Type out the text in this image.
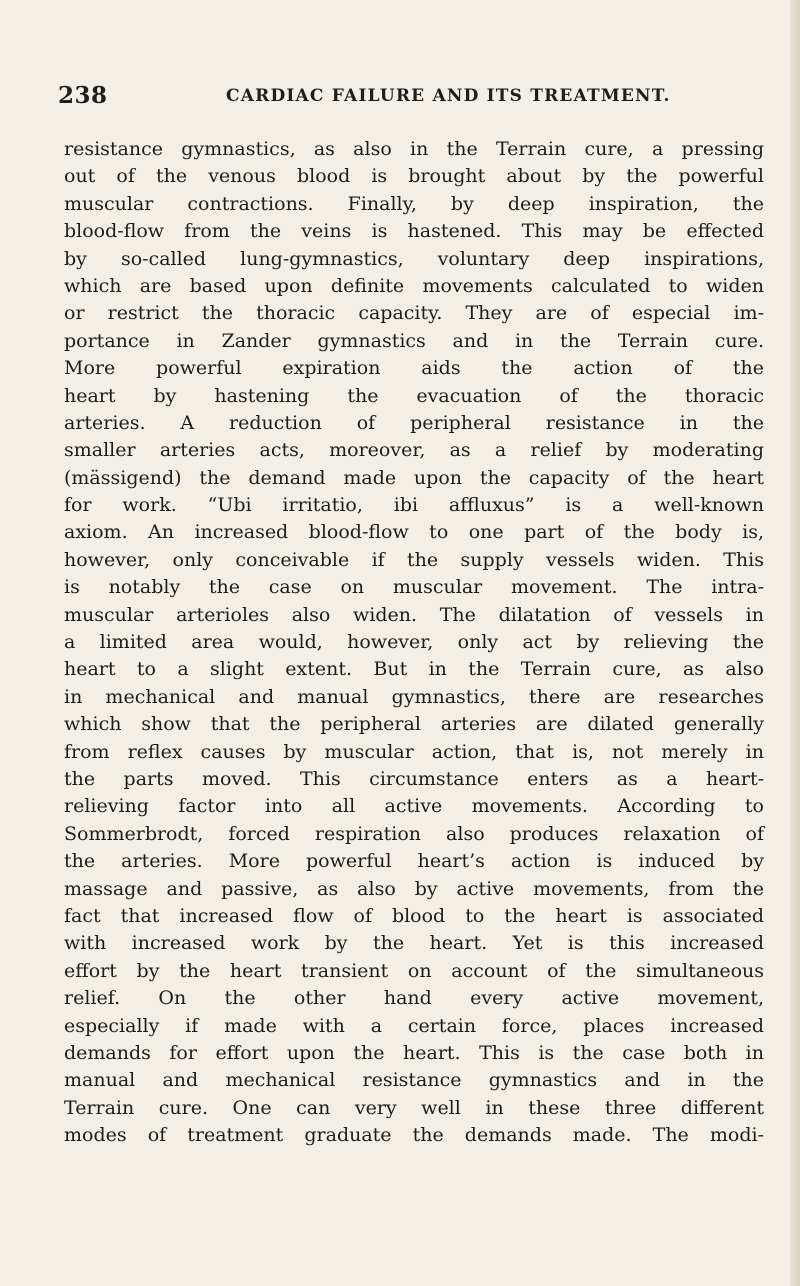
238	CARDIAC FAILURE AND ITS TREATMENT.
resistance gymnastics, as also in the Terrain cure, a pressing
out of the venous blood is brought about by the powerful
muscular contractions. Finally, by deep inspiration, the
blood-flow from the veins is hastened. This may be effected
by so-called lung-gymnastics, voluntary deep inspirations,
which are based upon definite movements calculated to widen
or restrict the thoracic capacity. They are of especial im-
portance in Zander gymnastics and in the Terrain cure.
More powerful expiration aids the action of the
heart by hastening the evacuation of the thoracic
arteries. A reduction of peripheral resistance in the
smaller arteries acts, moreover, as a relief by moderating
(mässigend) the demand made upon the capacity of the heart
for work. “Ubi irritatio, ibi affluxus” is a well-known
axiom. An increased blood-flow to one part of the body is,
however, only conceivable if the supply vessels widen. This
is notably the case on muscular movement. The intra-
muscular arterioles also widen. The dilatation of vessels in
a limited area would, however, only act by relieving the
heart to a slight extent. But in the Terrain cure, as also
in mechanical and manual gymnastics, there are researches
which show that the peripheral arteries are dilated generally
from reflex causes by muscular action, that is, not merely in
the parts moved. This circumstance enters as a heart-
relieving factor into all active movements. According to
Sommerbrodt, forced respiration also produces relaxation of
the arteries. More powerful heart’s action is induced by
massage and passive, as also by active movements, from the
fact that increased flow of blood to the heart is associated
with increased work by the heart. Yet is this increased
effort by the heart transient on account of the simultaneous
relief. On the other hand every active movement,
especially if made with a certain force, places increased
demands for effort upon the heart. This is the case both in
manual and mechanical resistance gymnastics and in the
Terrain cure. One can very well in these three different
modes of treatment graduate the demands made. The modi-
